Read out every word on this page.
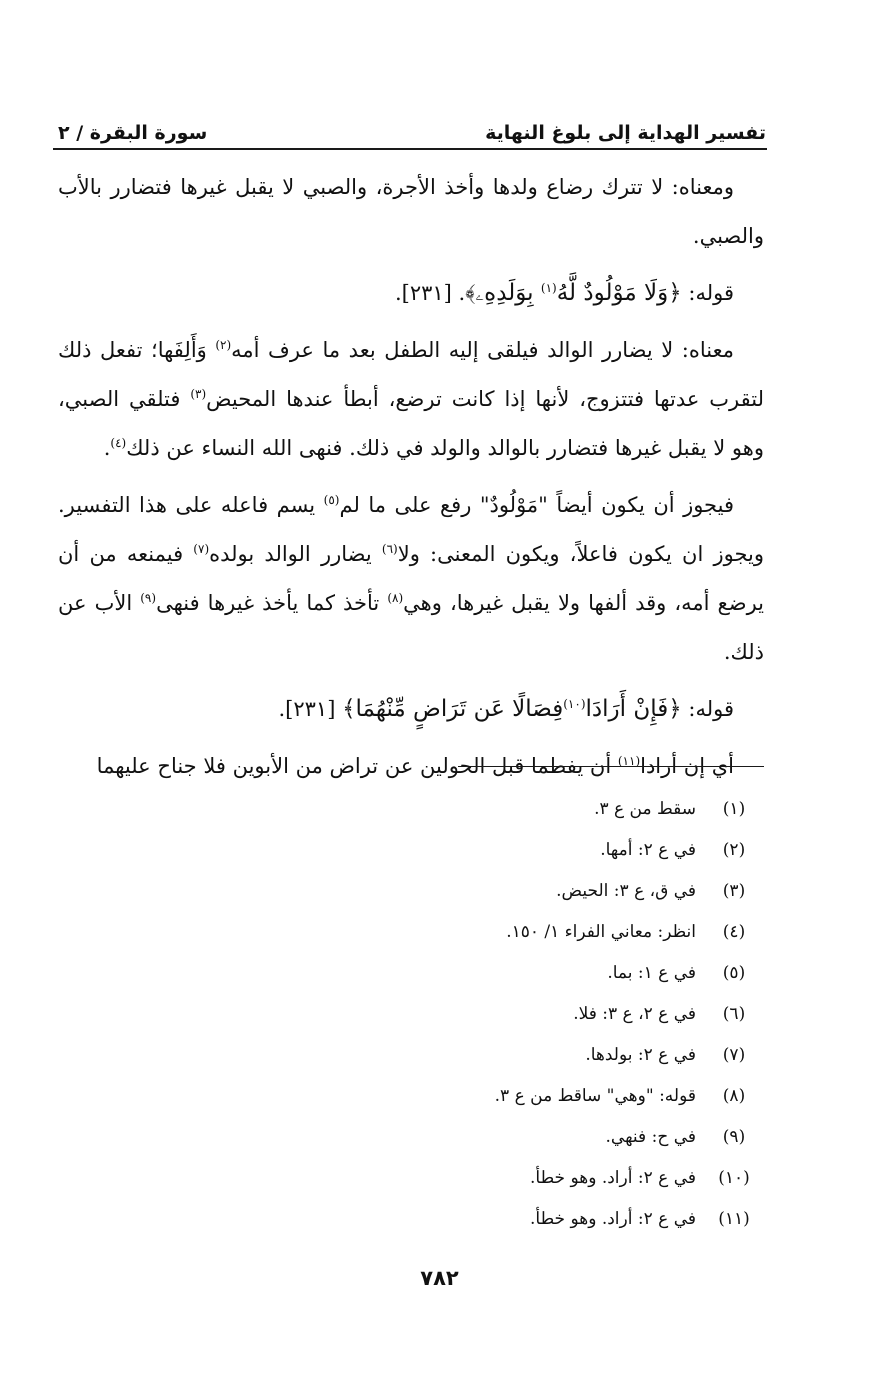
تفسير الهداية إلى بلوغ النهاية
سورة البقرة / ٢

ومعناه: لا تترك رضاع ولدها وأخذ الأجرة، والصبي لا يقبل غيرها فتضارر بالأب والصبي.

قوله: ﴿وَلَا مَوْلُودٌ لَّهُ$^{(١)}$ بِوَلَدِهِۦ﴾. [٢٣١].

معناه: لا يضارر الوالد فيلقى إليه الطفل بعد ما عرف أمه$^{(٢)}$ وَأَلِفَها؛ تفعل ذلك لتقرب عدتها فتتزوج، لأنها إذا كانت ترضع، أبطأ عندها المحيض$^{(٣)}$ فتلقي الصبي، وهو لا يقبل غيرها فتضارر بالوالد والولد في ذلك. فنهى الله النساء عن ذلك$^{(٤)}$.

فيجوز أن يكون أيضاً "مَوْلُودٌ" رفع على ما لم$^{(٥)}$ يسم فاعله على هذا التفسير. ويجوز ان يكون فاعلاً، ويكون المعنى: ولا$^{(٦)}$ يضارر الوالد بولده$^{(٧)}$ فيمنعه من أن يرضع أمه، وقد ألفها ولا يقبل غيرها، وهي$^{(٨)}$ تأخذ كما يأخذ غيرها فنهى$^{(٩)}$ الأب عن ذلك.

قوله: ﴿فَإِنْ أَرَادَا$^{(١٠)}$فِصَالًا عَن تَرَاضٍ مِّنْهُمَا﴾ [٢٣١].

أي إن أرادا$^{(١١)}$ أن يفطما قبل الحولين عن تراض من الأبوين فلا جناح عليهما

(١)
سقط من ع ٣.
(٢)
في ع ٢: أمها.
(٣)
في ق، ع ٣: الحيض.
(٤)
انظر: معاني الفراء ١/ ١٥٠.
(٥)
في ع ١: بما.
(٦)
في ع ٢، ع ٣: فلا.
(٧)
في ع ٢: بولدها.
(٨)
قوله: "وهي" ساقط من ع ٣.
(٩)
في ح: فنهي.
(١٠)
في ع ٢: أراد. وهو خطأ.
(١١)
في ع ٢: أراد. وهو خطأ.
٧٨٢
